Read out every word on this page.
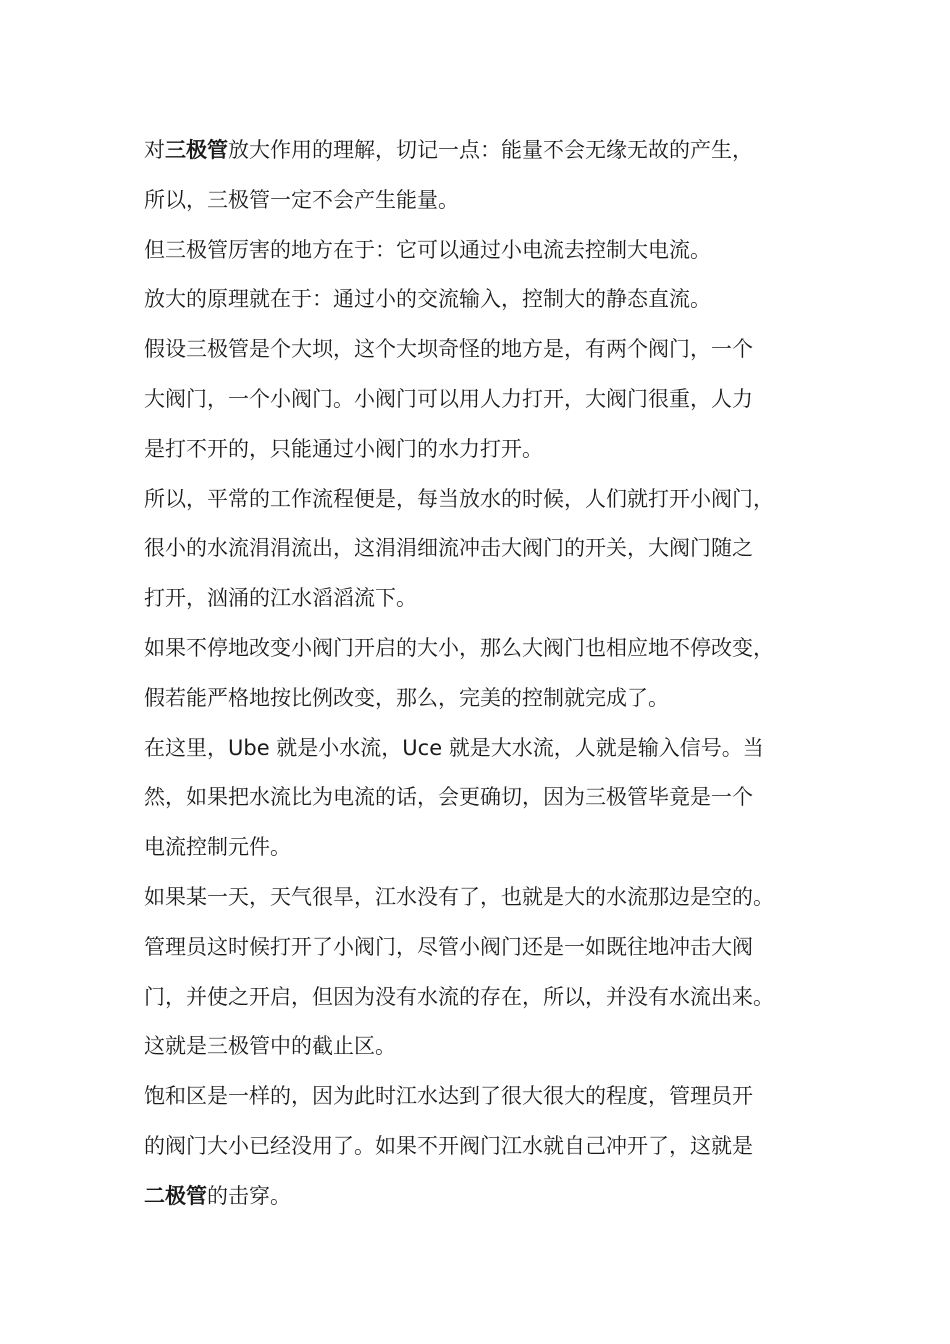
对三极管放大作用的理解，切记一点：能量不会无缘无故的产生，
所以，三极管一定不会产生能量。
但三极管厉害的地方在于：它可以通过小电流去控制大电流。
放大的原理就在于：通过小的交流输入，控制大的静态直流。
假设三极管是个大坝，这个大坝奇怪的地方是，有两个阀门，一个
大阀门，一个小阀门。小阀门可以用人力打开，大阀门很重，人力
是打不开的，只能通过小阀门的水力打开。
所以，平常的工作流程便是，每当放水的时候，人们就打开小阀门，
很小的水流涓涓流出，这涓涓细流冲击大阀门的开关，大阀门随之
打开，汹涌的江水滔滔流下。
如果不停地改变小阀门开启的大小，那么大阀门也相应地不停改变，
假若能严格地按比例改变，那么，完美的控制就完成了。
在这里，Ube 就是小水流，Uce 就是大水流，人就是输入信号。当
然，如果把水流比为电流的话，会更确切，因为三极管毕竟是一个
电流控制元件。
如果某一天，天气很旱，江水没有了，也就是大的水流那边是空的。
管理员这时候打开了小阀门，尽管小阀门还是一如既往地冲击大阀
门，并使之开启，但因为没有水流的存在，所以，并没有水流出来。
这就是三极管中的截止区。
饱和区是一样的，因为此时江水达到了很大很大的程度，管理员开
的阀门大小已经没用了。如果不开阀门江水就自己冲开了，这就是
二极管的击穿。
